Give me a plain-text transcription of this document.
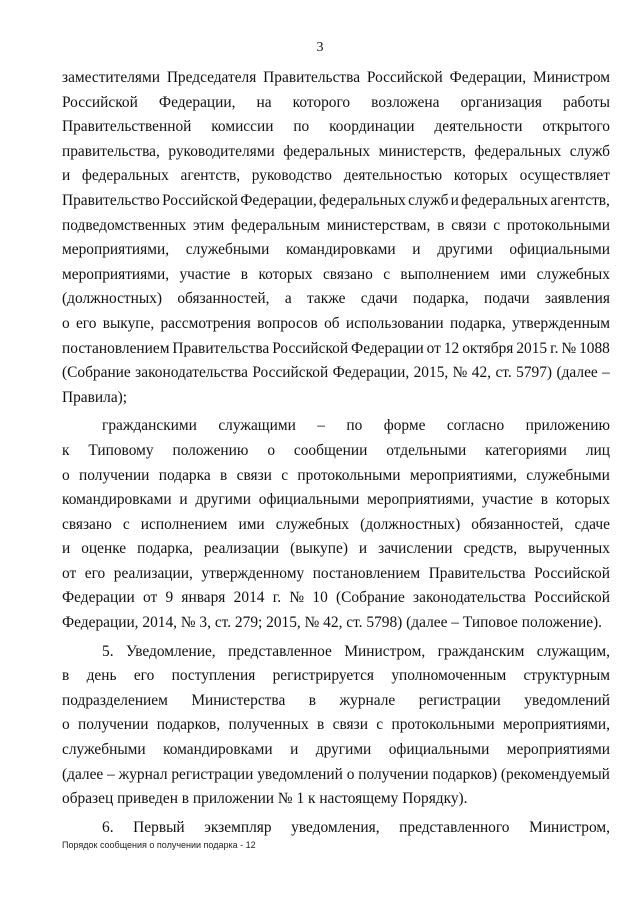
3
заместителями Председателя Правительства Российской Федерации, Министром
Российской Федерации, на которого возложена организация работы
Правительственной комиссии по координации деятельности открытого
правительства, руководителями федеральных министерств, федеральных служб
и федеральных агентств, руководство деятельностью которых осуществляет
Правительство Российской Федерации, федеральных служб и федеральных агентств,
подведомственных этим федеральным министерствам, в связи с протокольными
мероприятиями, служебными командировками и другими официальными
мероприятиями, участие в которых связано с выполнением ими служебных
(должностных) обязанностей, а также сдачи подарка, подачи заявления
о его выкупе, рассмотрения вопросов об использовании подарка, утвержденным
постановлением Правительства Российской Федерации от 12 октября 2015 г. № 1088
(Собрание законодательства Российской Федерации, 2015, № 42, ст. 5797) (далее –
Правила);
гражданскими служащими – по форме согласно приложению
к Типовому положению о сообщении отдельными категориями лиц
о получении подарка в связи с протокольными мероприятиями, служебными
командировками и другими официальными мероприятиями, участие в которых
связано с исполнением ими служебных (должностных) обязанностей, сдаче
и оценке подарка, реализации (выкупе) и зачислении средств, вырученных
от его реализации, утвержденному постановлением Правительства Российской
Федерации от 9 января 2014 г. № 10 (Собрание законодательства Российской
Федерации, 2014, № 3, ст. 279; 2015, № 42, ст. 5798) (далее – Типовое положение).
5. Уведомление, представленное Министром, гражданским служащим,
в день его поступления регистрируется уполномоченным структурным
подразделением Министерства в журнале регистрации уведомлений
о получении подарков, полученных в связи с протокольными мероприятиями,
служебными командировками и другими официальными мероприятиями
(далее – журнал регистрации уведомлений о получении подарков) (рекомендуемый
образец приведен в приложении № 1 к настоящему Порядку).
6. Первый экземпляр уведомления, представленного Министром,
Порядок сообщения о получении подарка - 12
